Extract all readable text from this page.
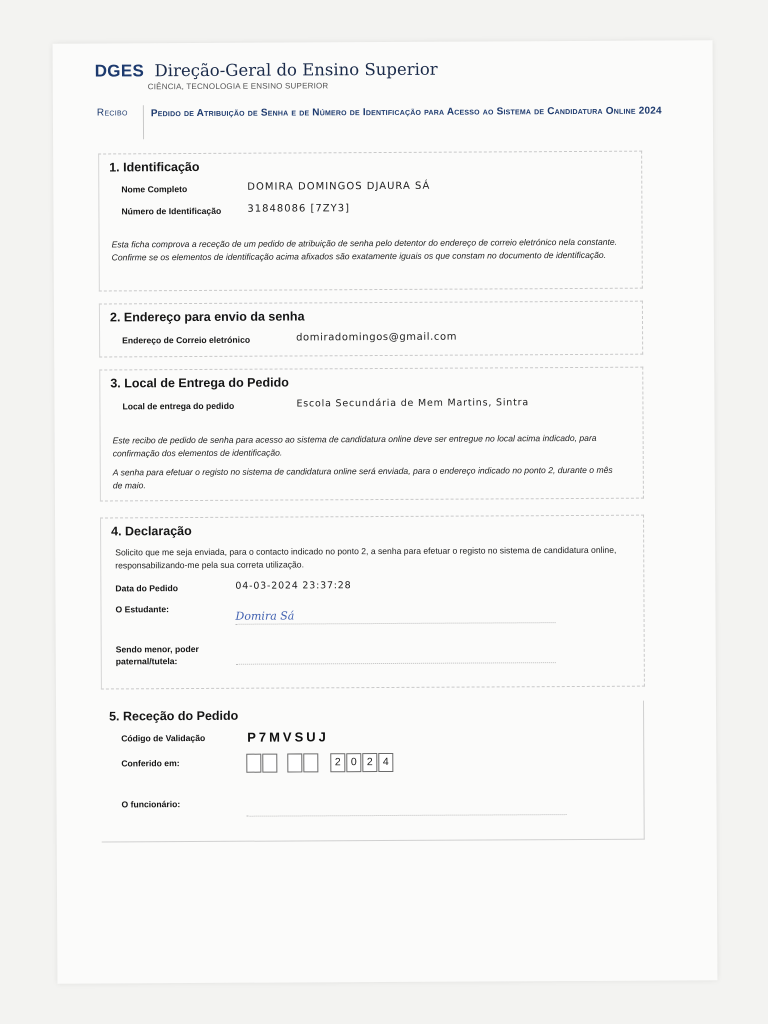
DGES Direção-Geral do Ensino Superior
CIÊNCIA, TECNOLOGIA E ENSINO SUPERIOR
Recibo Pedido de Atribuição de Senha e de Número de Identificação para Acesso ao Sistema de Candidatura Online 2024
1. Identificação
Nome Completo	DOMIRA DOMINGOS DJAURA SÁ
Número de Identificação	31848086 [7ZY3]
Esta ficha comprova a receção de um pedido de atribuição de senha pelo detentor do endereço de correio eletrónico nela constante. Confirme se os elementos de identificação acima afixados são exatamente iguais os que constam no documento de identificação.
2. Endereço para envio da senha
Endereço de Correio eletrónico	domiradomingos@gmail.com
3. Local de Entrega do Pedido
Local de entrega do pedido	Escola Secundária de Mem Martins, Sintra
Este recibo de pedido de senha para acesso ao sistema de candidatura online deve ser entregue no local acima indicado, para confirmação dos elementos de identificação.
A senha para efetuar o registo no sistema de candidatura online será enviada, para o endereço indicado no ponto 2, durante o mês de maio.
4. Declaração
Solicito que me seja enviada, para o contacto indicado no ponto 2, a senha para efetuar o registo no sistema de candidatura online, responsabilizando-me pela sua correta utilização.
Data do Pedido	04-03-2024 23:37:28
O Estudante:
Domira Sá
Sendo menor, poder
paternal/tutela:
5. Receção do Pedido
Código de Validação	P7MVSUJ
Conferido em:	2 0 2 4
O funcionário:
